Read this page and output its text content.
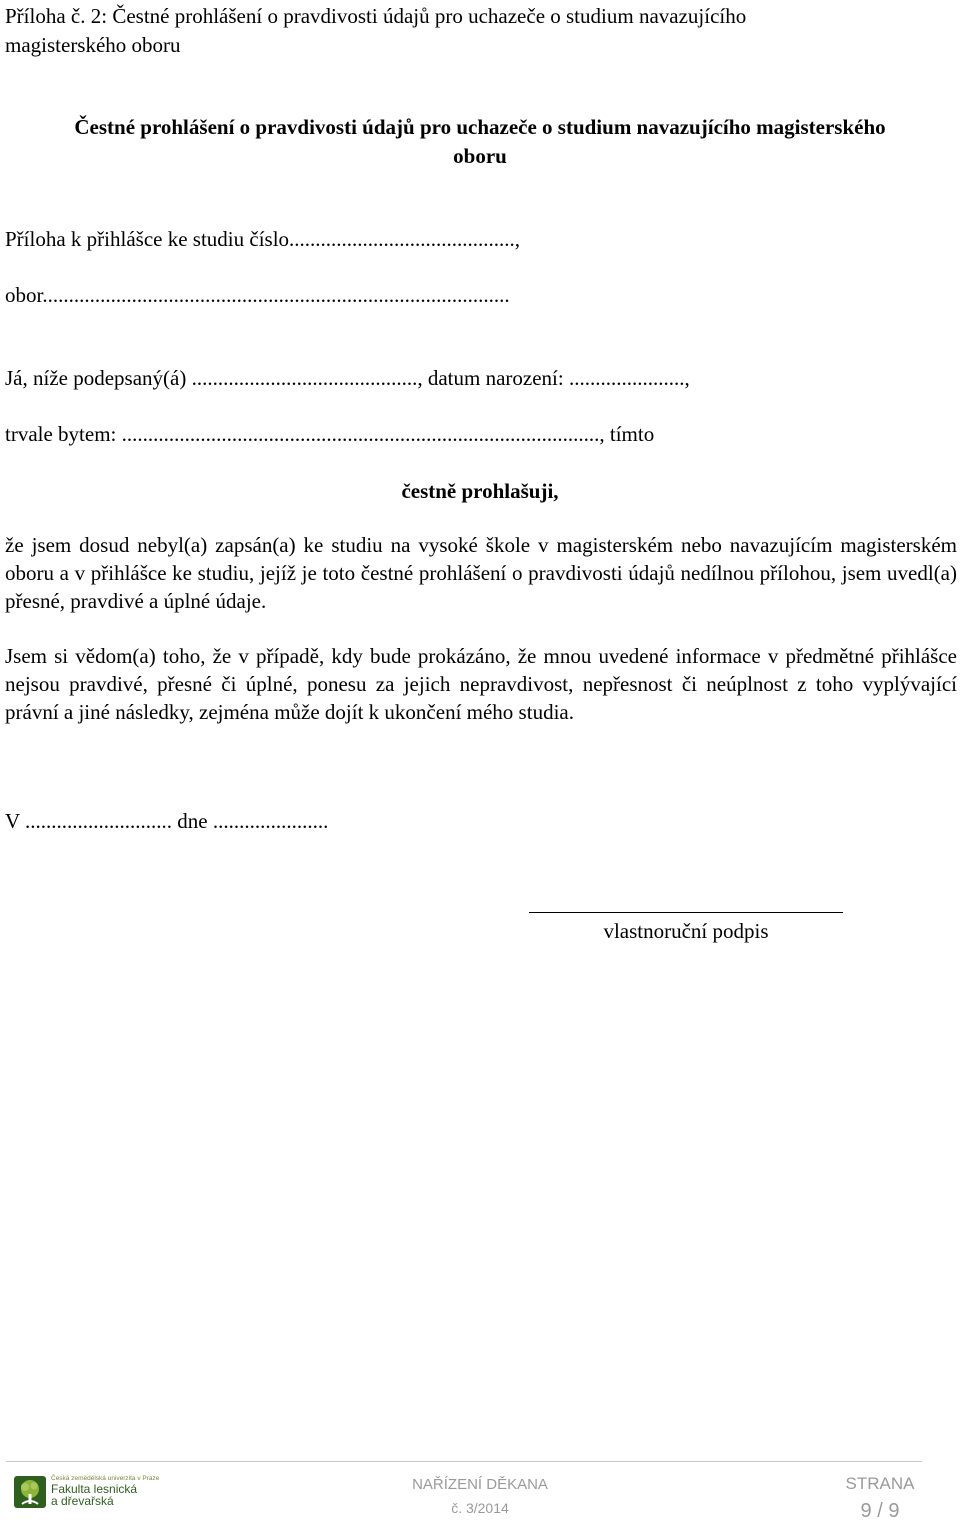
Příloha č. 2: Čestné prohlášení o pravdivosti údajů pro uchazeče o studium navazujícího
magisterského oboru
Čestné prohlášení o pravdivosti údajů pro uchazeče o studium navazujícího magisterského
oboru
Příloha k přihlášce ke studiu číslo...........................................,
obor.........................................................................................
Já, níže podepsaný(á) ..........................................., datum narození: ......................,
trvale bytem: ..........................................................................................., tímto
čestně prohlašuji,
že jsem dosud nebyl(a) zapsán(a) ke studiu na vysoké škole v magisterském nebo navazujícím magisterském oboru a v přihlášce ke studiu, jejíž je toto čestné prohlášení o pravdivosti údajů nedílnou přílohou, jsem uvedl(a) přesné, pravdivé a úplné údaje.
Jsem si vědom(a) toho, že v případě, kdy bude prokázáno, že mnou uvedené informace v předmětné přihlášce nejsou pravdivé, přesné či úplné, ponesu za jejich nepravdivost, nepřesnost či neúplnost z toho vyplývající právní a jiné následky, zejména může dojít k ukončení mého studia.
V ............................ dne ......................
vlastnoruční podpis
Česká zemědělská univerzita v Praze
Fakulta lesnická
a dřevařská
NAŘÍZENÍ DĚKANA
č. 3/2014
STRANA
9 / 9
